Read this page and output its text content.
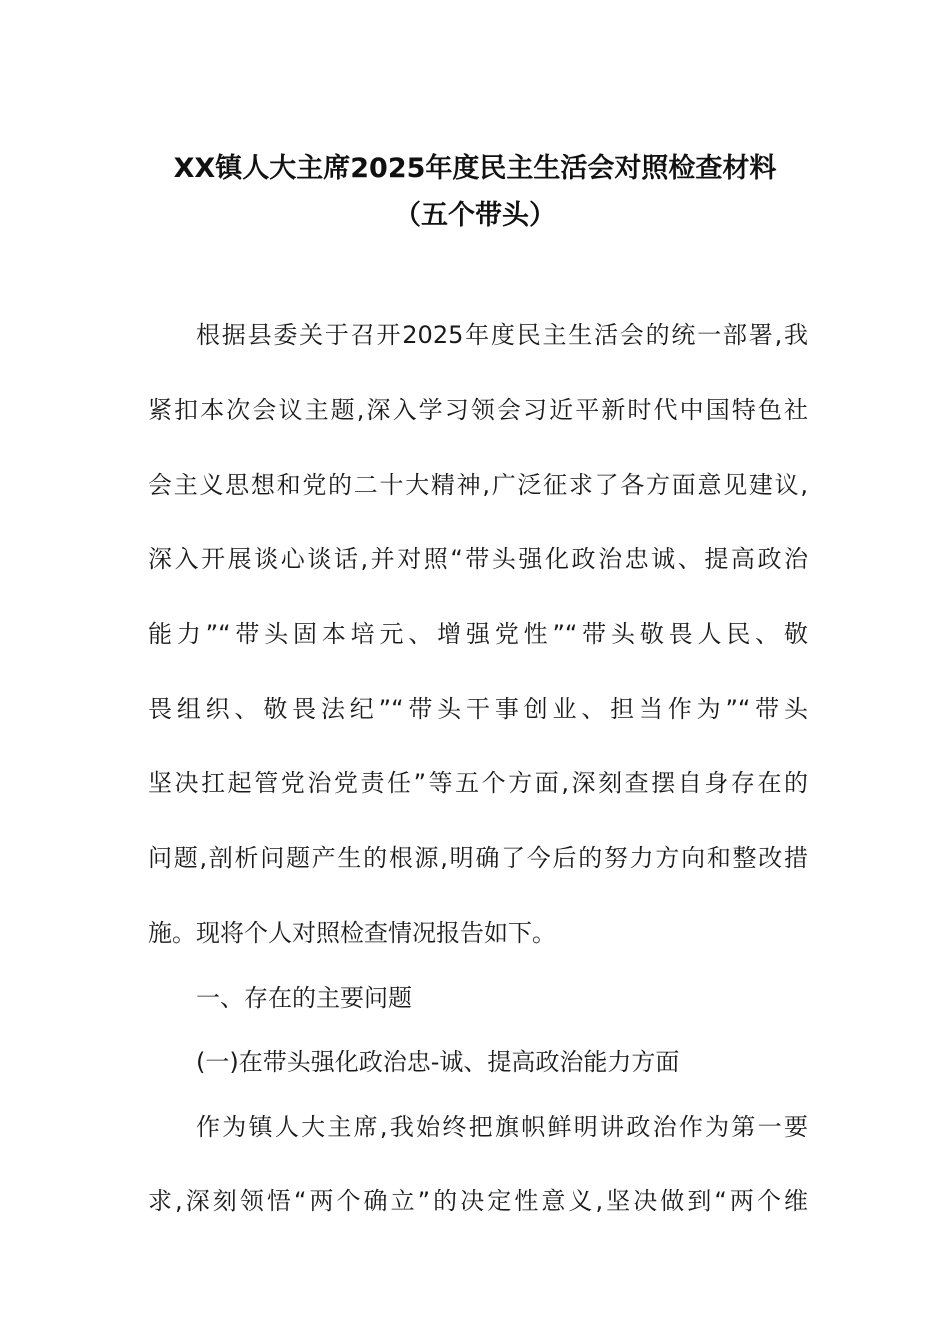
XX镇人大主席2025年度民主生活会对照检查材料
（五个带头）
根据县委关于召开2025年度民主生活会的统一部署,我
紧扣本次会议主题,深入学习领会习近平新时代中国特色社
会主义思想和党的二十大精神,广泛征求了各方面意见建议,
深入开展谈心谈话,并对照“带头强化政治忠诚、提高政治
能力”“带头固本培元、增强党性”“带头敬畏人民、敬
畏组织、敬畏法纪”“带头干事创业、担当作为”“带头
坚决扛起管党治党责任”等五个方面,深刻查摆自身存在的
问题,剖析问题产生的根源,明确了今后的努力方向和整改措
施。现将个人对照检查情况报告如下。
一、存在的主要问题
(一)在带头强化政治忠-诚、提高政治能力方面
作为镇人大主席,我始终把旗帜鲜明讲政治作为第一要
求,深刻领悟“两个确立”的决定性意义,坚决做到“两个维
